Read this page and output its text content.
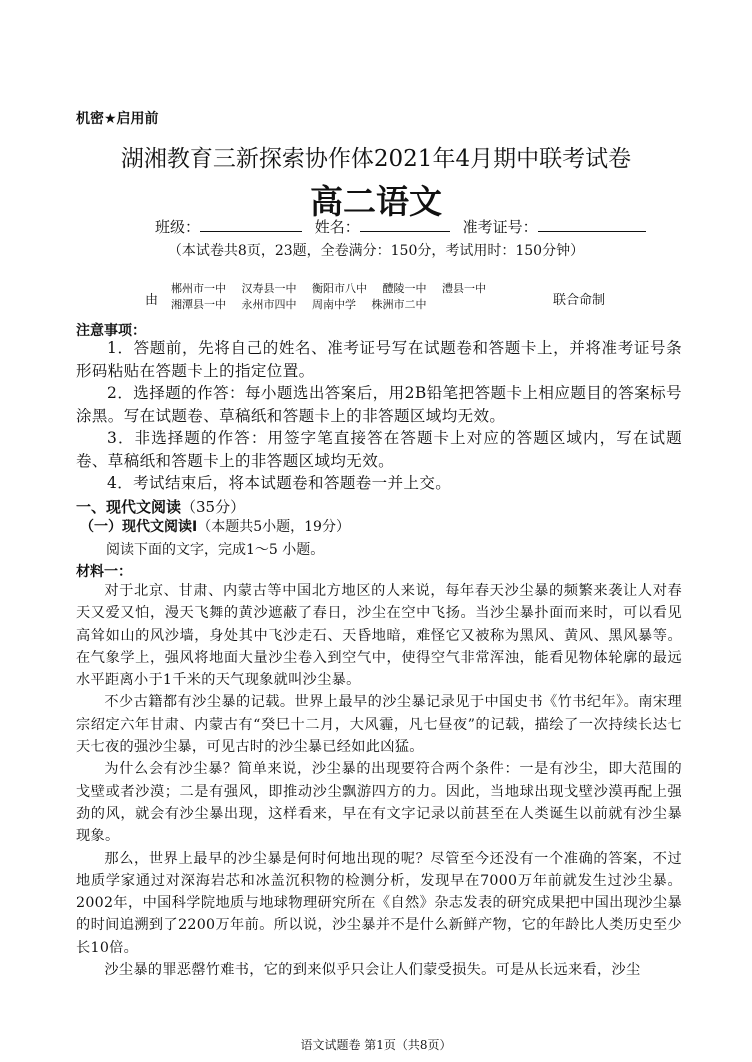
机密★启用前
湖湘教育三新探索协作体2021年4月期中联考试卷
高二语文
班级：	姓名：	准考证号：
（本试卷共8页，23题，全卷满分：150分，考试用时：150分钟）
由
郴州市一中 汉寿县一中 衡阳市八中 醴陵一中 澧县一中
湘潭县一中 永州市四中 周南中学 株洲市二中	联合命制
注意事项：

1．答题前，先将自己的姓名、准考证号写在试题卷和答题卡上，并将准考证号条形码粘贴在答题卡上的指定位置。

2．选择题的作答：每小题选出答案后，用2B铅笔把答题卡上相应题目的答案标号涂黑。写在试题卷、草稿纸和答题卡上的非答题区域均无效。

3．非选择题的作答：用签字笔直接答在答题卡上对应的答题区域内，写在试题卷、草稿纸和答题卡上的非答题区域均无效。

4．考试结束后，将本试题卷和答题卷一并上交。

一、现代文阅读（35分）
（一）现代文阅读Ⅰ（本题共5小题，19分）
阅读下面的文字，完成1～5 小题。
材料一：

对于北京、甘肃、内蒙古等中国北方地区的人来说，每年春天沙尘暴的频繁来袭让人对春天又爱又怕，漫天飞舞的黄沙遮蔽了春日，沙尘在空中飞扬。当沙尘暴扑面而来时，可以看见高耸如山的风沙墙，身处其中飞沙走石、天昏地暗，难怪它又被称为黑风、黄风、黑风暴等。在气象学上，强风将地面大量沙尘卷入到空气中，使得空气非常浑浊，能看见物体轮廓的最远水平距离小于1千米的天气现象就叫沙尘暴。

不少古籍都有沙尘暴的记载。世界上最早的沙尘暴记录见于中国史书《竹书纪年》。南宋理宗绍定六年甘肃、内蒙古有“癸巳十二月，大风霾，凡七昼夜”的记载，描绘了一次持续长达七天七夜的强沙尘暴，可见古时的沙尘暴已经如此凶猛。

为什么会有沙尘暴？简单来说，沙尘暴的出现要符合两个条件：一是有沙尘，即大范围的戈壁或者沙漠；二是有强风，即推动沙尘飘游四方的力。因此，当地球出现戈壁沙漠再配上强劲的风，就会有沙尘暴出现，这样看来，早在有文字记录以前甚至在人类诞生以前就有沙尘暴现象。

那么，世界上最早的沙尘暴是何时何地出现的呢？尽管至今还没有一个准确的答案，不过地质学家通过对深海岩芯和冰盖沉积物的检测分析，发现早在7000万年前就发生过沙尘暴。2002年，中国科学院地质与地球物理研究所在《自然》杂志发表的研究成果把中国出现沙尘暴的时间追溯到了2200万年前。所以说，沙尘暴并不是什么新鲜产物，它的年龄比人类历史至少长10倍。

沙尘暴的罪恶罄竹难书，它的到来似乎只会让人们蒙受损失。可是从长远来看，沙尘

语文试题卷 第1页（共8页）
